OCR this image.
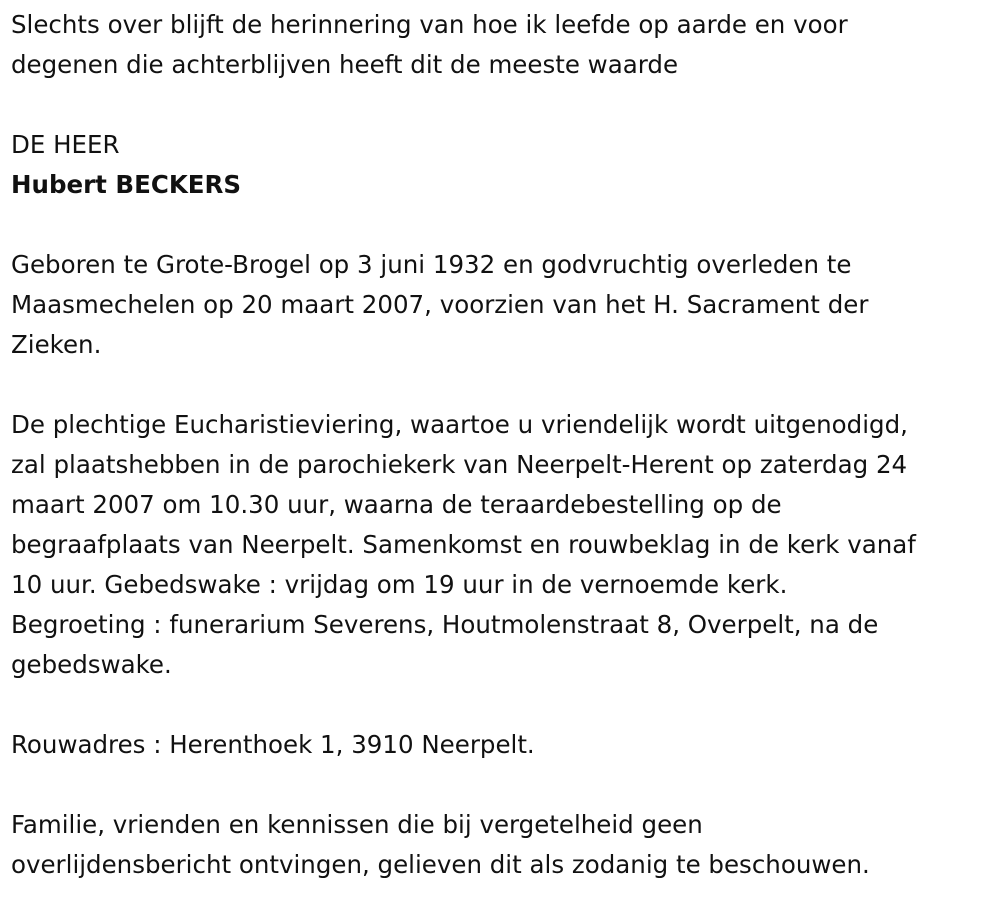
Slechts over blijft de herinnering van hoe ik leefde op aarde en voor

degenen die achterblijven heeft dit de meeste waarde

DE HEER

Hubert BECKERS

Geboren te Grote-Brogel op 3 juni 1932 en godvruchtig overleden te

Maasmechelen op 20 maart 2007, voorzien van het H. Sacrament der

Zieken.

De plechtige Eucharistieviering, waartoe u vriendelijk wordt uitgenodigd,

zal plaatshebben in de parochiekerk van Neerpelt-Herent op zaterdag 24

maart 2007 om 10.30 uur, waarna de teraardebestelling op de

begraafplaats van Neerpelt. Samenkomst en rouwbeklag in de kerk vanaf

10 uur. Gebedswake : vrijdag om 19 uur in de vernoemde kerk.

Begroeting : funerarium Severens, Houtmolenstraat 8, Overpelt, na de

gebedswake.

Rouwadres : Herenthoek 1, 3910 Neerpelt.

Familie, vrienden en kennissen die bij vergetelheid geen

overlijdensbericht ontvingen, gelieven dit als zodanig te beschouwen.
